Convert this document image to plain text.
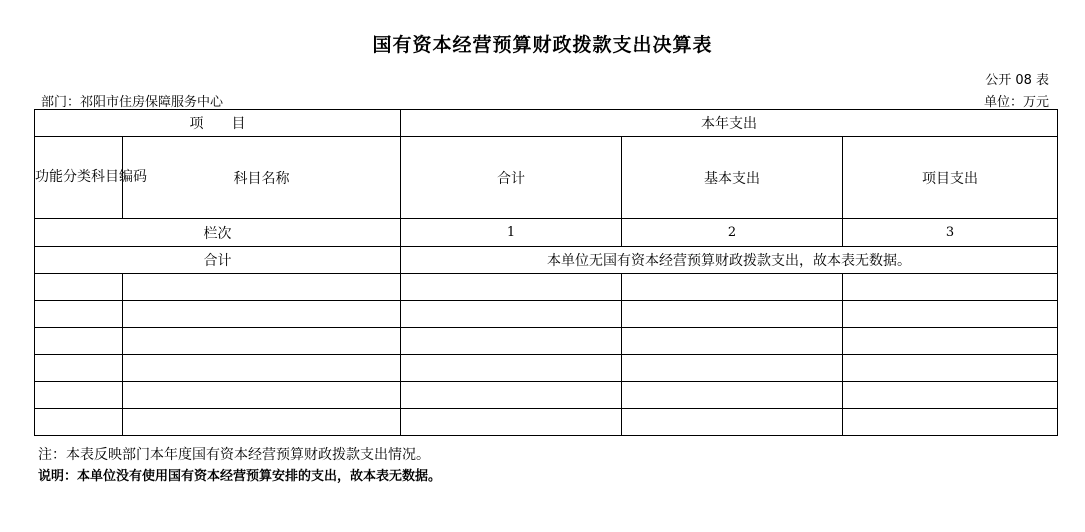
国有资本经营预算财政拨款支出决算表
公开 08 表
部门：祁阳市住房保障服务中心	单位：万元
项　　目		本年支出		
功能分类科目编码	科目名称	合计	基本支出	项目支出
栏次		1	2	3
合计		本单位无国有资本经营预算财政拨款支出，故本表无数据。		

注：本表反映部门本年度国有资本经营预算财政拨款支出情况。
说明：本单位没有使用国有资本经营预算安排的支出，故本表无数据。
